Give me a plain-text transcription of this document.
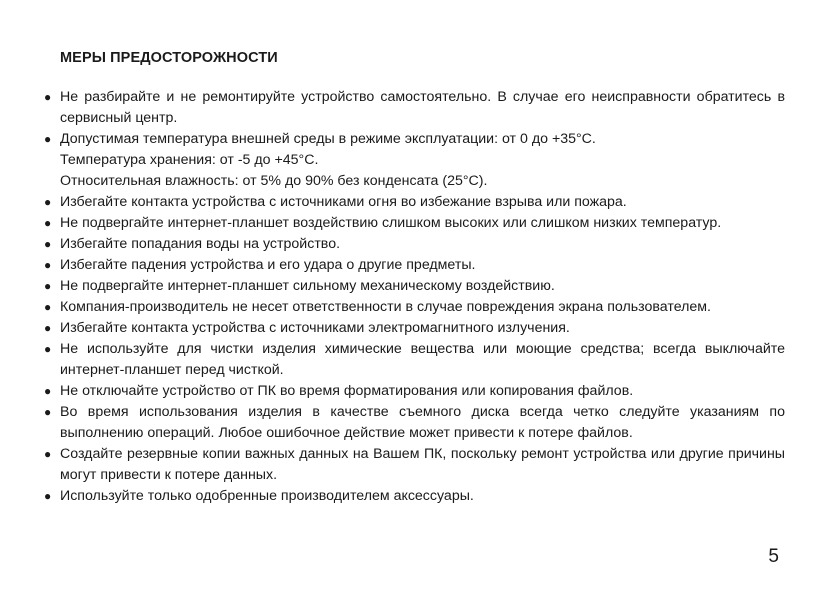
МЕРЫ ПРЕДОСТОРОЖНОСТИ
● Не разбирайте и не ремонтируйте устройство самостоятельно. В случае его неисправности обратитесь в сервисный центр.
● Допустимая температура внешней среды в режиме эксплуатации: от 0 до +35°C.
Температура хранения: от -5 до +45°C.
Относительная влажность: от 5% до 90% без конденсата (25°C).
● Избегайте контакта устройства с источниками огня во избежание взрыва или пожара.
● Не подвергайте интернет-планшет воздействию слишком высоких или слишком низких температур.
● Избегайте попадания воды на устройство.
● Избегайте падения устройства и его удара о другие предметы.
● Не подвергайте интернет-планшет сильному механическому воздействию.
● Компания-производитель не несет ответственности в случае повреждения экрана пользователем.
● Избегайте контакта устройства с источниками электромагнитного излучения.
● Не используйте для чистки изделия химические вещества или моющие средства; всегда выключайте интернет-планшет перед чисткой.
● Не отключайте устройство от ПК во время форматирования или копирования файлов.
● Во время использования изделия в качестве съемного диска всегда четко следуйте указаниям по выполнению операций. Любое ошибочное действие может привести к потере файлов.
● Создайте резервные копии важных данных на Вашем ПК, поскольку ремонт устройства или другие причины могут привести к потере данных.
● Используйте только одобренные производителем аксессуары.
5
